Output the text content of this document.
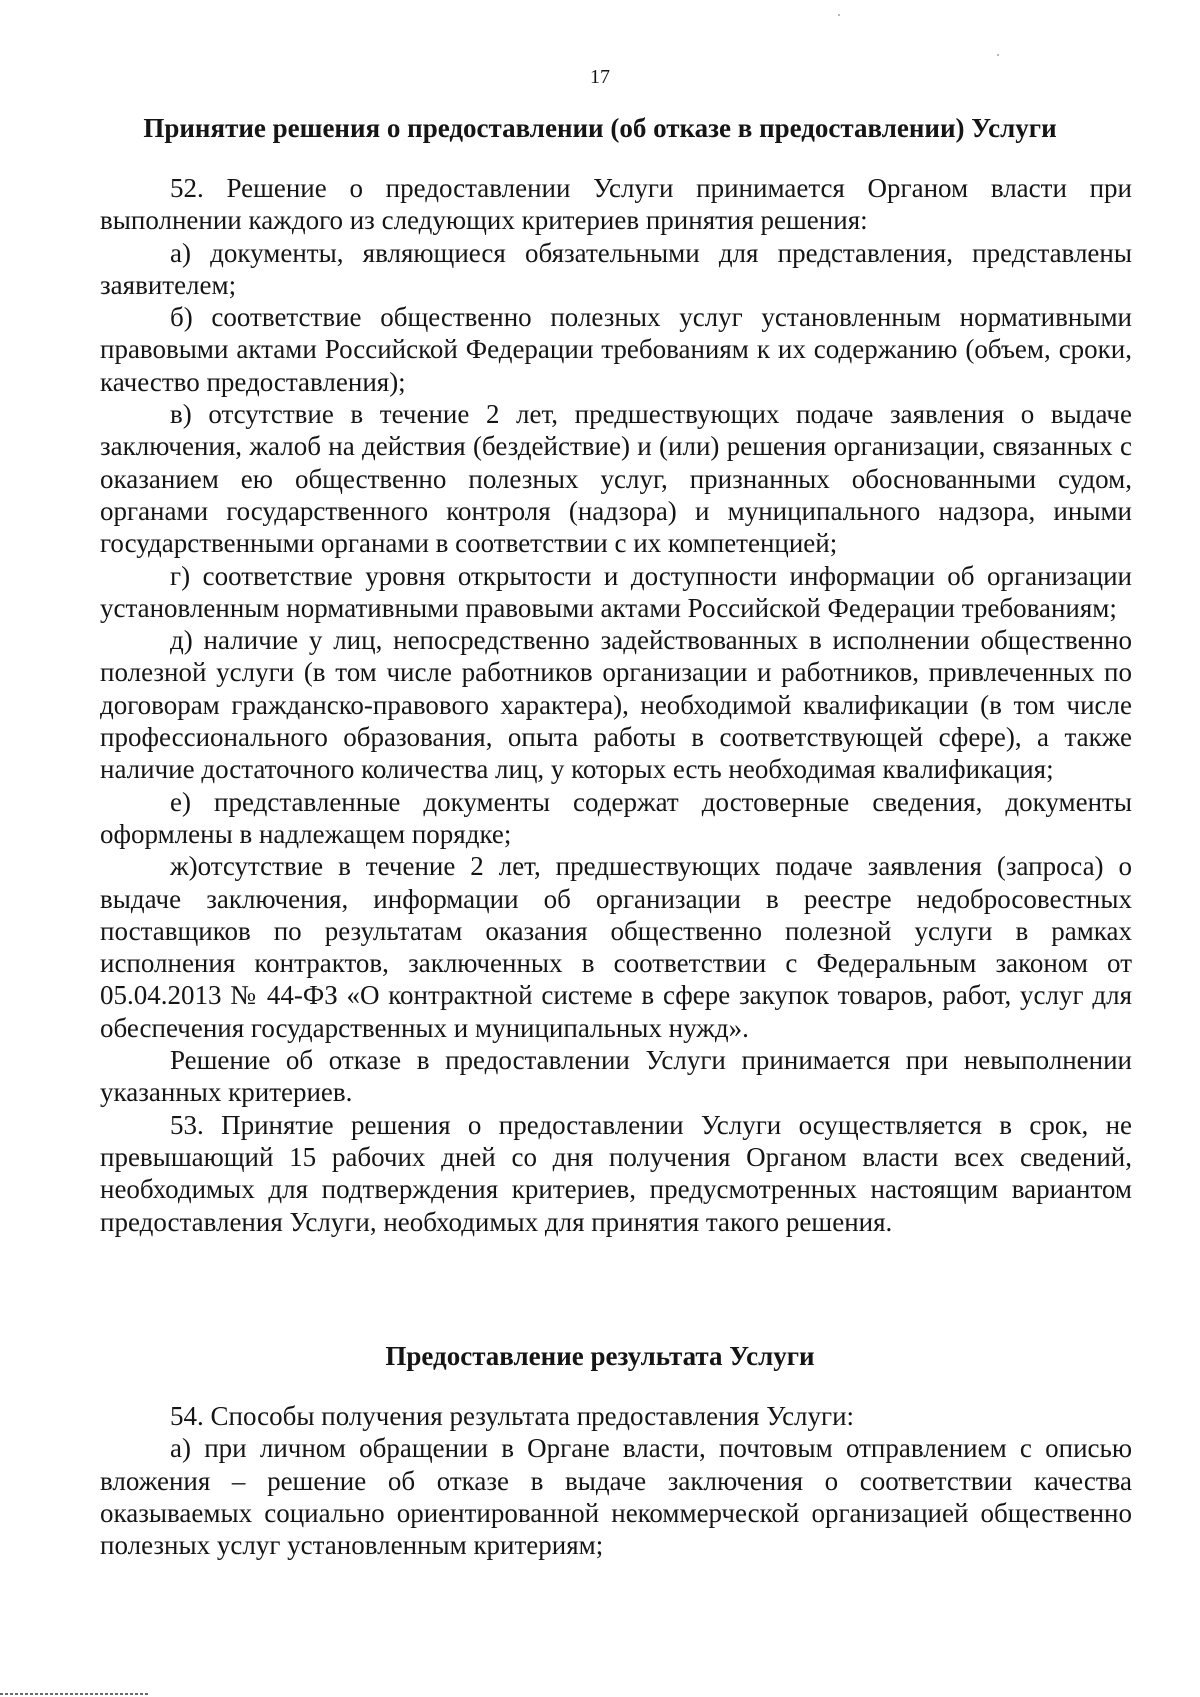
17
Принятие решения о предоставлении (об отказе в предоставлении) Услуги

52. Решение о предоставлении Услуги принимается Органом власти при выполнении каждого из следующих критериев принятия решения:

а) документы, являющиеся обязательными для представления, представлены заявителем;

б) соответствие общественно полезных услуг установленным нормативными правовыми актами Российской Федерации требованиям к их содержанию (объем, сроки, качество предоставления);

в) отсутствие в течение 2 лет, предшествующих подаче заявления о выдаче заключения, жалоб на действия (бездействие) и (или) решения организации, связанных с оказанием ею общественно полезных услуг, признанных обоснованными судом, органами государственного контроля (надзора) и муниципального надзора, иными государственными органами в соответствии с их компетенцией;

г) соответствие уровня открытости и доступности информации об организации установленным нормативными правовыми актами Российской Федерации требованиям;

д) наличие у лиц, непосредственно задействованных в исполнении общественно полезной услуги (в том числе работников организации и работников, привлеченных по договорам гражданско-правового характера), необходимой квалификации (в том числе профессионального образования, опыта работы в соответствующей сфере), а также наличие достаточного количества лиц, у которых есть необходимая квалификация;

е) представленные документы содержат достоверные сведения, документы оформлены в надлежащем порядке;

ж)отсутствие в течение 2 лет, предшествующих подаче заявления (запроса) о выдаче заключения, информации об организации в реестре недобросовестных поставщиков по результатам оказания общественно полезной услуги в рамках исполнения контрактов, заключенных в соответствии с Федеральным законом от 05.04.2013 № 44-ФЗ «О контрактной системе в сфере закупок товаров, работ, услуг для обеспечения государственных и муниципальных нужд».

Решение об отказе в предоставлении Услуги принимается при невыполнении указанных критериев.

53. Принятие решения о предоставлении Услуги осуществляется в срок, не превышающий 15 рабочих дней со дня получения Органом власти всех сведений, необходимых для подтверждения критериев, предусмотренных настоящим вариантом предоставления Услуги, необходимых для принятия такого решения.

Предоставление результата Услуги

54. Способы получения результата предоставления Услуги:

а) при личном обращении в Органе власти, почтовым отправлением с описью вложения – решение об отказе в выдаче заключения о соответствии качества оказываемых социально ориентированной некоммерческой организацией общественно полезных услуг установленным критериям;
